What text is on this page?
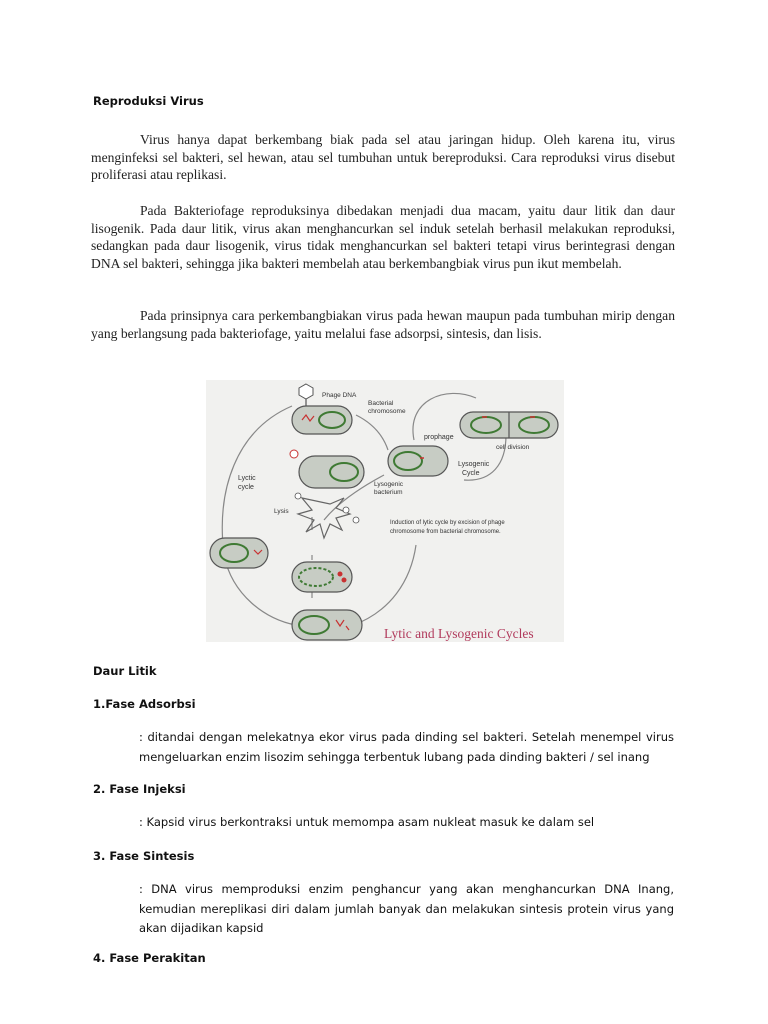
Reproduksi Virus

Virus hanya dapat berkembang biak pada sel atau jaringan hidup. Oleh karena itu, virus menginfeksi sel bakteri, sel hewan, atau sel tumbuhan untuk bereproduksi. Cara reproduksi virus disebut proliferasi atau replikasi.

Pada Bakteriofage reproduksinya dibedakan menjadi dua macam, yaitu daur litik dan daur lisogenik. Pada daur litik, virus akan menghancurkan sel induk setelah berhasil melakukan reproduksi, sedangkan pada daur lisogenik, virus tidak menghancurkan sel bakteri tetapi virus berintegrasi dengan DNA sel bakteri, sehingga jika bakteri membelah atau berkembangbiak virus pun ikut membelah.

Pada prinsipnya cara perkembangbiakan virus pada hewan maupun pada tumbuhan mirip dengan yang berlangsung pada bakteriofage, yaitu melalui fase adsorpsi, sintesis, dan lisis.

Phage DNA
Bacterial
chromosome
prophage
cell division
Lyctic
cycle
Lysogenic
Cycle
Lysogenic
bacterium
Lysis
Induction of lytic cycle by excision of phage
chromosome from bacterial chromosome.
Lytic and Lysogenic Cycles
Daur Litik
1.Fase Adsorbsi

: ditandai dengan melekatnya ekor virus pada dinding sel bakteri. Setelah menempel virus mengeluarkan enzim lisozim sehingga terbentuk lubang pada dinding bakteri / sel inang

2. Fase Injeksi

: Kapsid virus berkontraksi untuk memompa asam nukleat masuk ke dalam sel

3. Fase Sintesis

: DNA virus memproduksi enzim penghancur yang akan menghancurkan DNA Inang, kemudian mereplikasi diri dalam jumlah banyak dan melakukan sintesis protein virus yang akan dijadikan kapsid

4. Fase Perakitan
